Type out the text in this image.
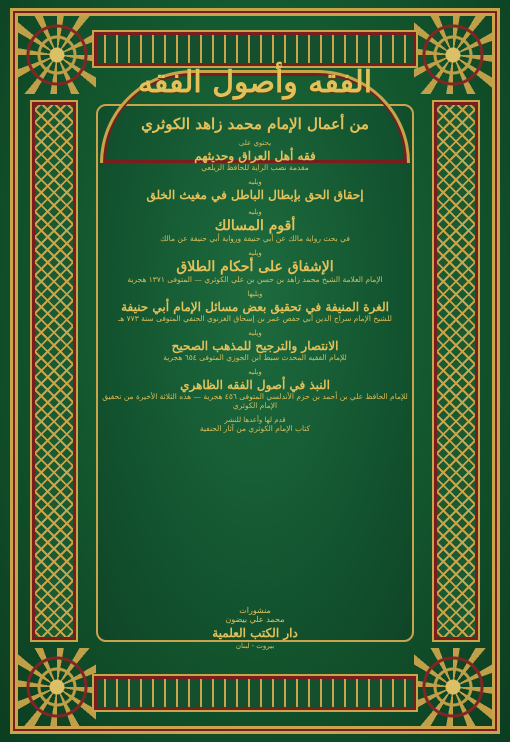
الفقه وأصول الفقه
من أعمال الإمام محمد زاهد الكوثري
يحتوي على
فقه أهل العراق وحديثهم
مقدمة نصب الراية للحافظ الزيلعي
ويليه
إحقاق الحق بإبطال الباطل في مغيث الخلق
ويليه
أقوم المسالك
في بحث رواية مالك عن أبي حنيفة ورواية أبي حنيفة عن مالك
ويليه
الإشفاق على أحكام الطلاق
الإمام العلامة الشيخ محمد زاهد بن حسن بن علي الكوثري — المتوفى ١٣٧١ هجرية
ويليها
الغرة المنيفة في تحقيق بعض مسائل الإمام أبي حنيفة
للشيخ الإمام سراج الدين أبي حفص عمر بن إسحاق الغزنوي الحنفي المتوفى سنة ٧٧٣ هـ
ويليه
الانتصار والترجيح للمذهب الصحيح
للإمام الفقيه المحدث سبط ابن الجوزي المتوفى ٦٥٤ هجرية
ويليه
النبذ في أصول الفقه الظاهري
للإمام الحافظ علي بن أحمد بن حزم الأندلسي المتوفى ٤٥٦ هجرية — هذه الثلاثة الأخيرة من تحقيق الإمام الكوثري
قدم لها وأعدها للنشر
كتاب الإمام الكوثري من آثار الحنفية
منشورات
محمد علي بيضون
دار الكتب العلمية
بيروت - لبنان
